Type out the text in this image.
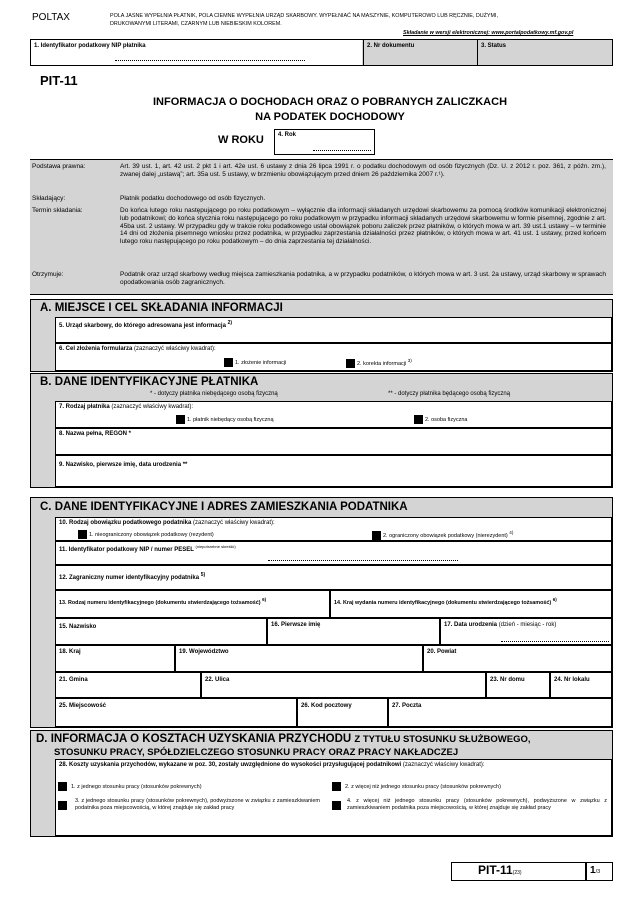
POLTAX	POLA JASNE WYPEŁNIA PŁATNIK, POLA CIEMNE WYPEŁNIA URZĄD SKARBOWY. WYPEŁNIAĆ NA MASZYNIE, KOMPUTEROWO LUB RĘCZNIE, DUŻYMI,
DRUKOWANYMI LITERAMI, CZARNYM LUB NIEBIESKIM KOLOREM.
Składanie w wersji elektronicznej: www.portalpodatkowy.mf.gov.pl
1. Identyfikator podatkowy NIP płatnika	2. Nr dokumentu	3. Status
PIT-11
INFORMACJA O DOCHODACH ORAZ O POBRANYCH ZALICZKACH
NA PODATEK DOCHODOWY
W ROKU	4. Rok
Podstawa prawna:	Art. 39 ust. 1, art. 42 ust. 2 pkt 1 i art. 42e ust. 6 ustawy z dnia 26 lipca 1991 r. o podatku dochodowym od osób fizycznych (Dz. U. z 2012 r. poz. 361, z późn. zm.), zwanej dalej „ustawą”; art. 35a ust. 5 ustawy, w brzmieniu obowiązującym przed dniem 26 października 2007 r.¹).
Składający:	Płatnik podatku dochodowego od osób fizycznych.
Termin składania:	Do końca lutego roku następującego po roku podatkowym – wyłącznie dla informacji składanych urzędowi skarbowemu za pomocą środków komunikacji elektronicznej lub podatnikowi; do końca stycznia roku następującego po roku podatkowym w przypadku informacji składanych urzędowi skarbowemu w formie pisemnej, zgodnie z art. 45ba ust. 2 ustawy. W przypadku gdy w trakcie roku podatkowego ustał obowiązek poboru zaliczek przez płatników, o których mowa w art. 39 ust.1 ustawy – w terminie 14 dni od złożenia pisemnego wniosku przez podatnika, w przypadku zaprzestania działalności przez płatników, o których mowa w art. 41 ust. 1 ustawy, przed końcem lutego roku następującego po roku podatkowym – do dnia zaprzestania tej działalności.
Otrzymuje:	Podatnik oraz urząd skarbowy według miejsca zamieszkania podatnika, a w przypadku podatników, o których mowa w art. 3 ust. 2a ustawy, urząd skarbowy w sprawach opodatkowania osób zagranicznych.
A. MIEJSCE I CEL SKŁADANIA INFORMACJI
5. Urząd skarbowy, do którego adresowana jest informacja $^{2)}$
6. Cel złożenia formularza (zaznaczyć właściwy kwadrat):
1. złożenie informacji	2. korekta informacji $^{3)}$
B. DANE IDENTYFIKACYJNE PŁATNIKA
* - dotyczy płatnika niebędącego osobą fizyczną	** - dotyczy płatnika będącego osobą fizyczną
7. Rodzaj płatnika (zaznaczyć właściwy kwadrat):
1. płatnik niebędący osobą fizyczną	2. osoba fizyczna
8. Nazwa pełna, REGON *
9. Nazwisko, pierwsze imię, data urodzenia **
C. DANE IDENTYFIKACYJNE I ADRES ZAMIESZKANIA PODATNIKA
10. Rodzaj obowiązku podatkowego podatnika (zaznaczyć właściwy kwadrat):
1. nieograniczony obowiązek podatkowy (rezydent)	2. ograniczony obowiązek podatkowy (nierezydent) $^{4)}$
11. Identyfikator podatkowy NIP / numer PESEL $^{(niepotrzebne skreślić)}$
12. Zagraniczny numer identyfikacyjny podatnika $^{5)}$
13. Rodzaj numeru identyfikacyjnego (dokumentu stwierdzającego tożsamość) $^{6)}$
14. Kraj wydania numeru identyfikacyjnego (dokumentu stwierdzającego tożsamość) $^{6)}$
15. Nazwisko	16. Pierwsze imię	17. Data urodzenia (dzień - miesiąc - rok)
18. Kraj	19. Województwo	20. Powiat
21. Gmina	22. Ulica	23. Nr domu	24. Nr lokalu
25. Miejscowość	26. Kod pocztowy	27. Poczta
D. INFORMACJA O KOSZTACH UZYSKANIA PRZYCHODU Z TYTUŁU STOSUNKU SŁUŻBOWEGO,
STOSUNKU PRACY, SPÓŁDZIELCZEGO STOSUNKU PRACY ORAZ PRACY NAKŁADCZEJ
28. Koszty uzyskania przychodów, wykazane w poz. 30, zostały uwzględnione do wysokości przysługującej podatnikowi (zaznaczyć właściwy kwadrat):
1. z jednego stosunku pracy (stosunków pokrewnych)	2. z więcej niż jednego stosunku pracy (stosunków pokrewnych)
3. z jednego stosunku pracy (stosunków pokrewnych), podwyższone w związku z zamieszkiwaniem podatnika poza miejscowością, w której znajduje się zakład pracy
4. z więcej niż jednego stosunku pracy (stosunków pokrewnych), podwyższone w związku z zamieszkiwaniem podatnika poza miejscowością, w której znajduje się zakład pracy
PIT-11(23)	1/3
